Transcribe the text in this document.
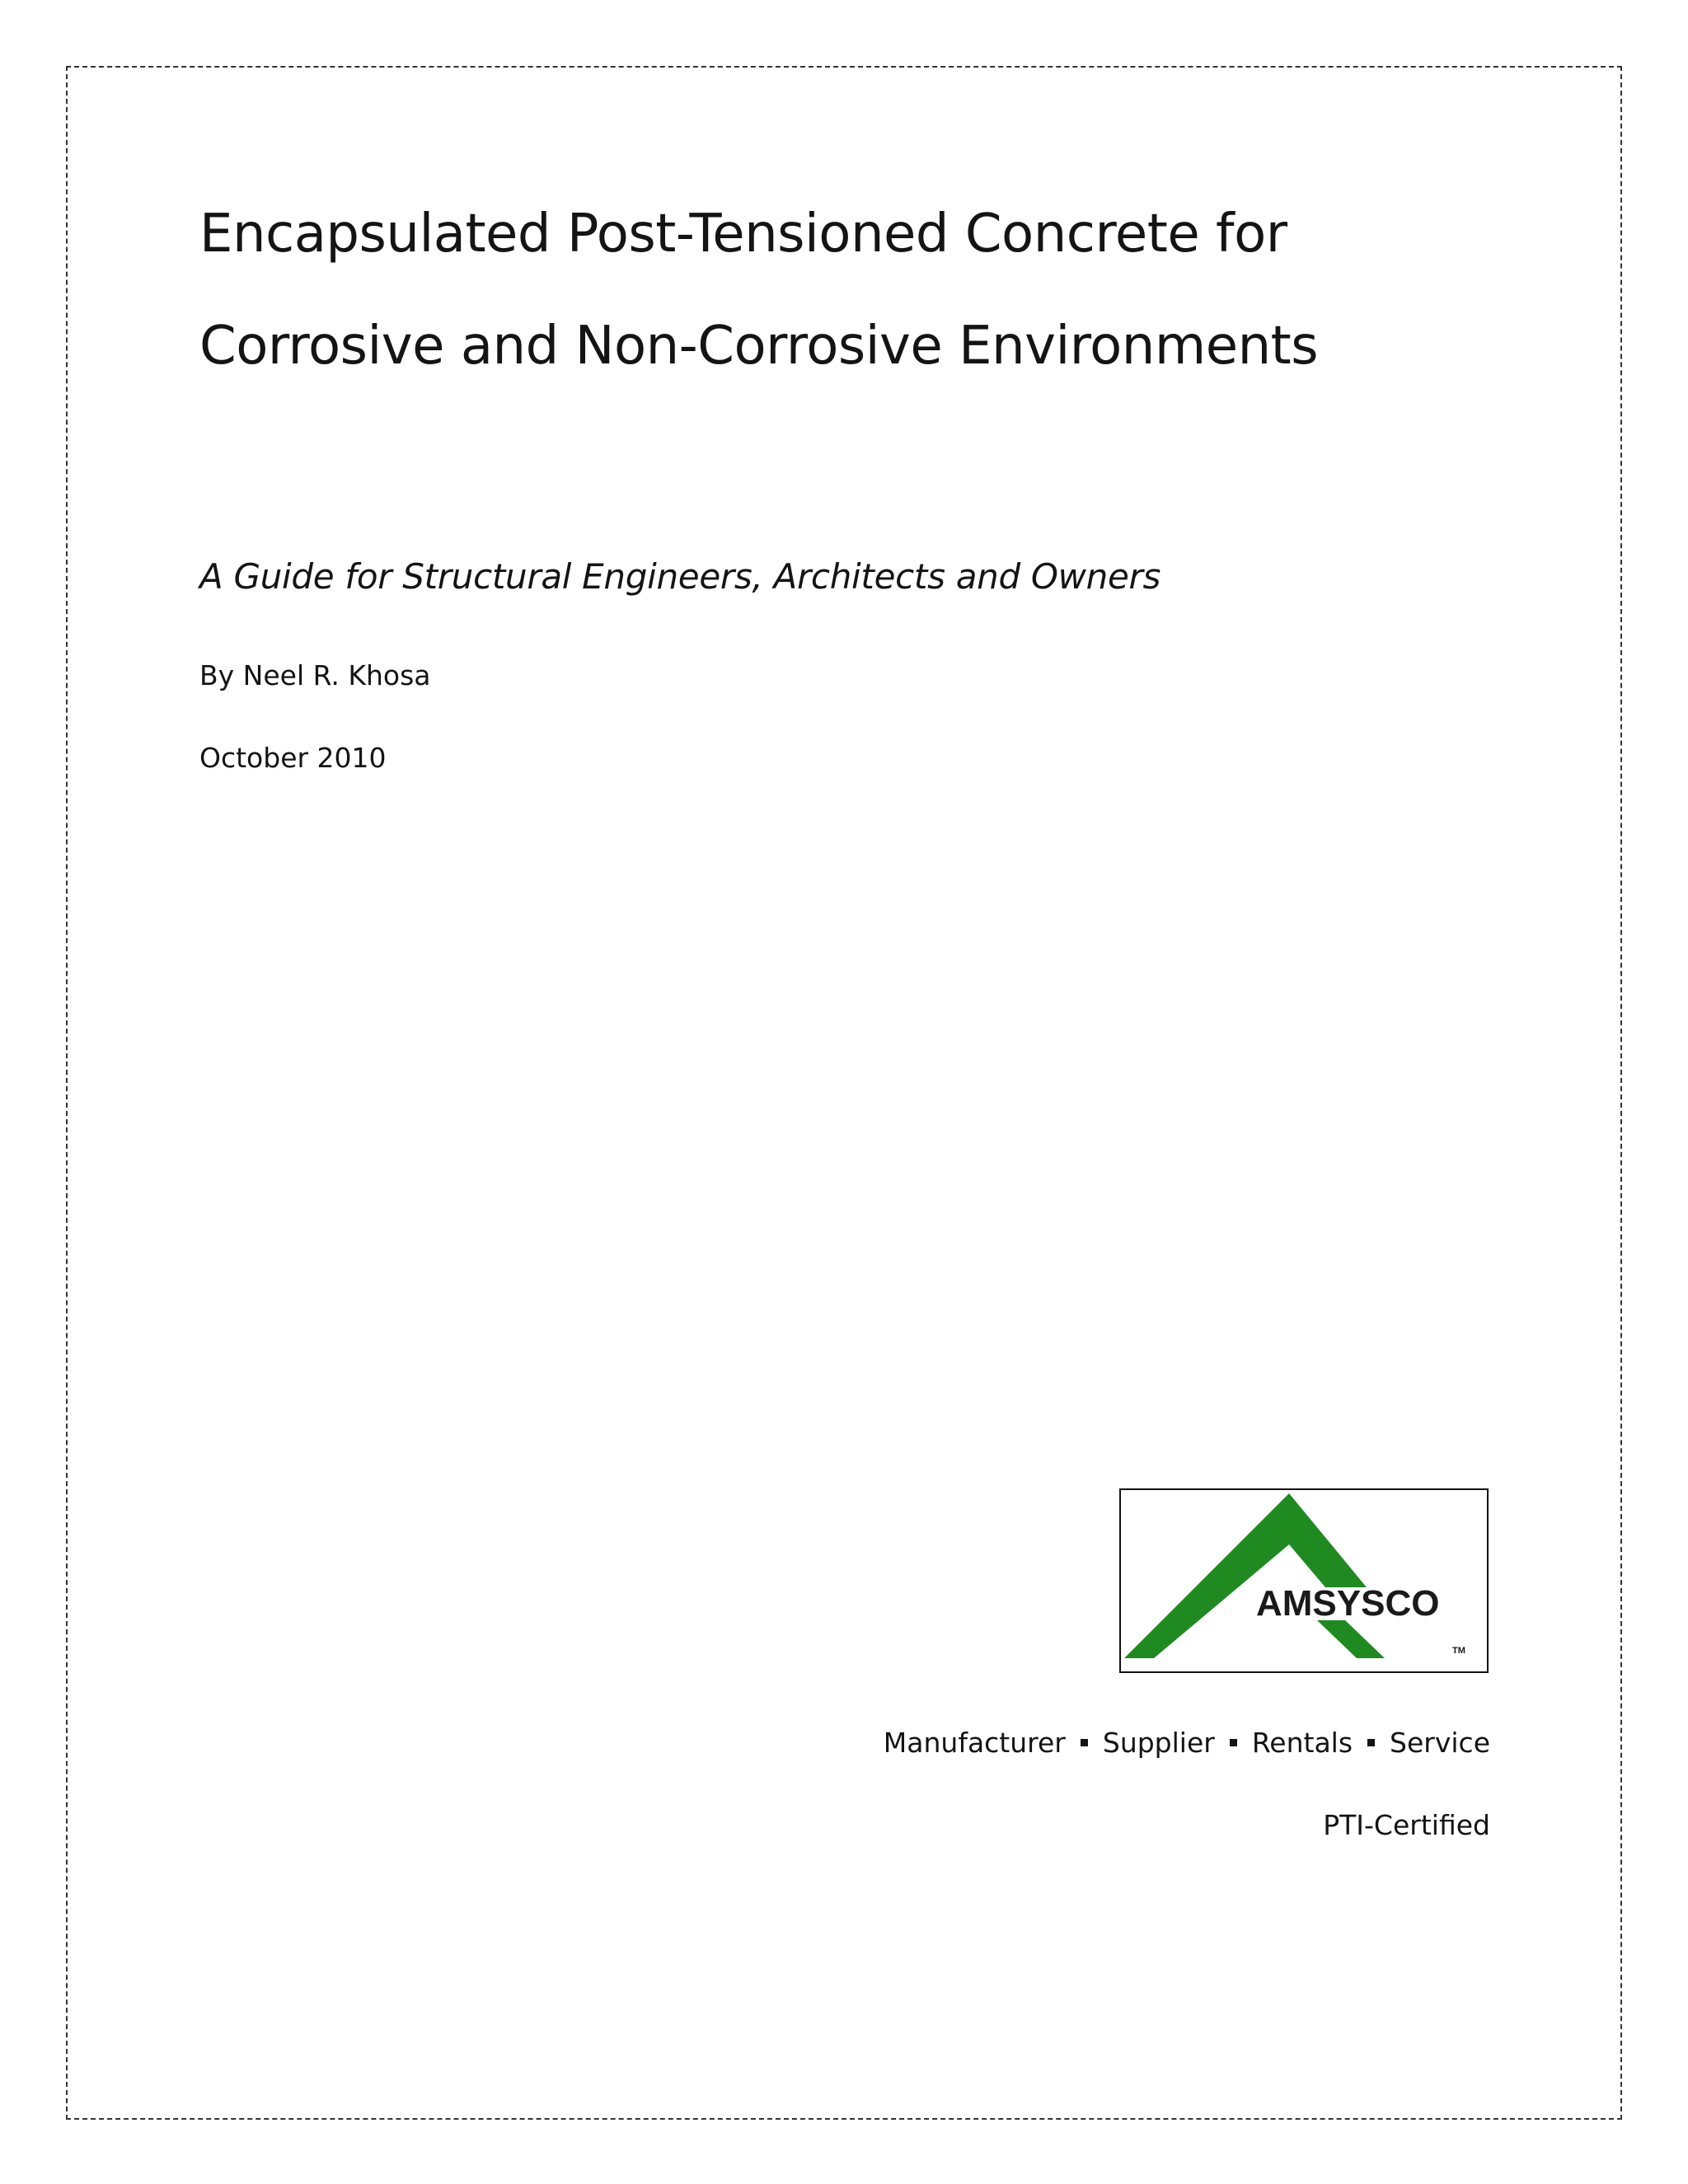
Encapsulated Post-Tensioned Concrete for
Corrosive and Non-Corrosive Environments
A Guide for Structural Engineers, Architects and Owners
By Neel R. Khosa
October 2010
AMSYSCO
TM
Manufacturer Supplier Rentals Service
PTI-Certified
